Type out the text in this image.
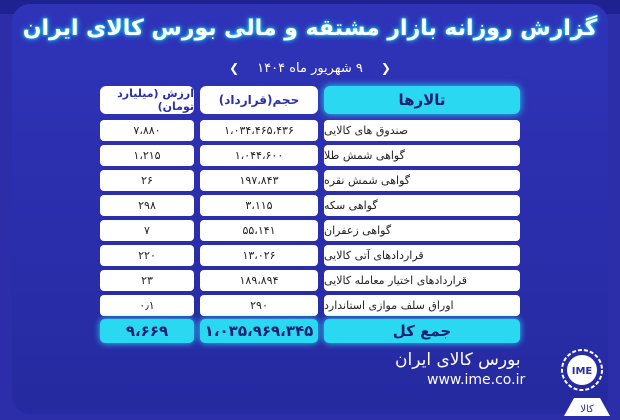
گزارش روزانه بازار مشتقه و مالی بورس کالای ایران
❮ ۹ شهریور ماه ۱۴۰۴ ❯
ارزش (میلیارد تومان)	حجم(قرارداد)	تالارها
۷،۸۸۰	۱،۰۳۴،۴۶۵،۴۳۶	صندوق های کالایی
۱،۲۱۵	۱،۰۴۴،۶۰۰	گواهی شمش طلا
۲۶	۱۹۷،۸۴۳	گواهی شمش نقره
۲۹۸	۳،۱۱۵	گواهی سکه
۷	۵۵،۱۴۱	گواهی زعفران
۲۲۰	۱۳،۰۲۶	قراردادهای آتی کالایی
۲۳	۱۸۹،۸۹۴	قراردادهای اختیار معامله کالایی
۰٫۱	۲۹۰	اوراق سلف موازی استاندارد
۹،۶۶۹	۱،۰۳۵،۹۶۹،۳۴۵	جمع کل
بورس کالای ایران
www.ime.co.ir
IME
کالا
